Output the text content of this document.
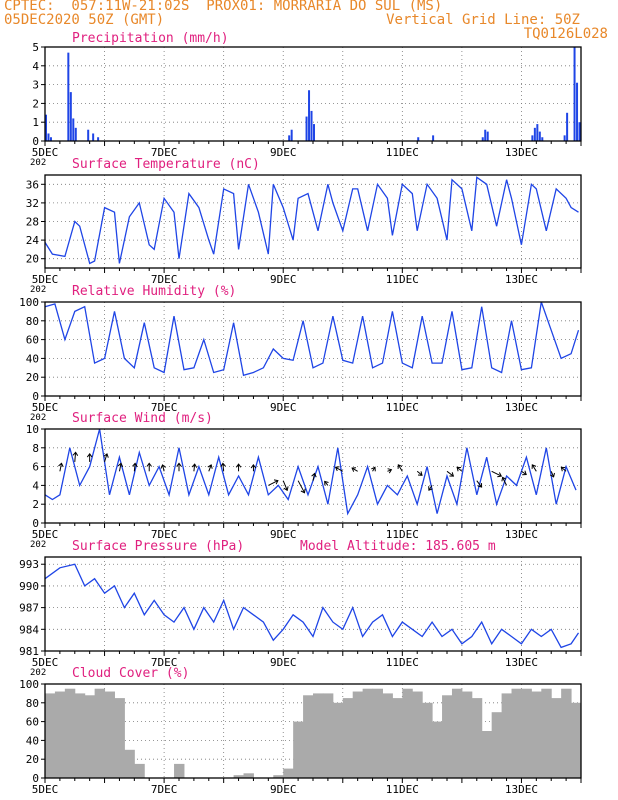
CPTEC:  057:11W-21:02S  PROX01: MORRARIA DO SUL (MS)
05DEC2020 50Z (GMT)	Vertical Grid Line: 50Z
TQ0126L028
Precipitation (mm/h)
0
1
2
3
4
5
5DEC	7DEC	9DEC	11DEC	13DEC
202 Surface Temperature (nC)
20
24
28
32
36
5DEC	7DEC	9DEC	11DEC	13DEC
202 Relative Humidity (%)
0
20
40
60
80
100
5DEC	7DEC	9DEC	11DEC	13DEC
202 Surface Wind (m/s)
0
2
4
6
8
10
5DEC	7DEC	9DEC	11DEC	13DEC
202 Surface Pressure (hPa)	Model Altitude: 185.605 m
981
984
987
990
993
5DEC	7DEC	9DEC	11DEC	13DEC
202 Cloud Cover (%)
0
20
40
60
80
100
5DEC	7DEC	9DEC	11DEC	13DEC
